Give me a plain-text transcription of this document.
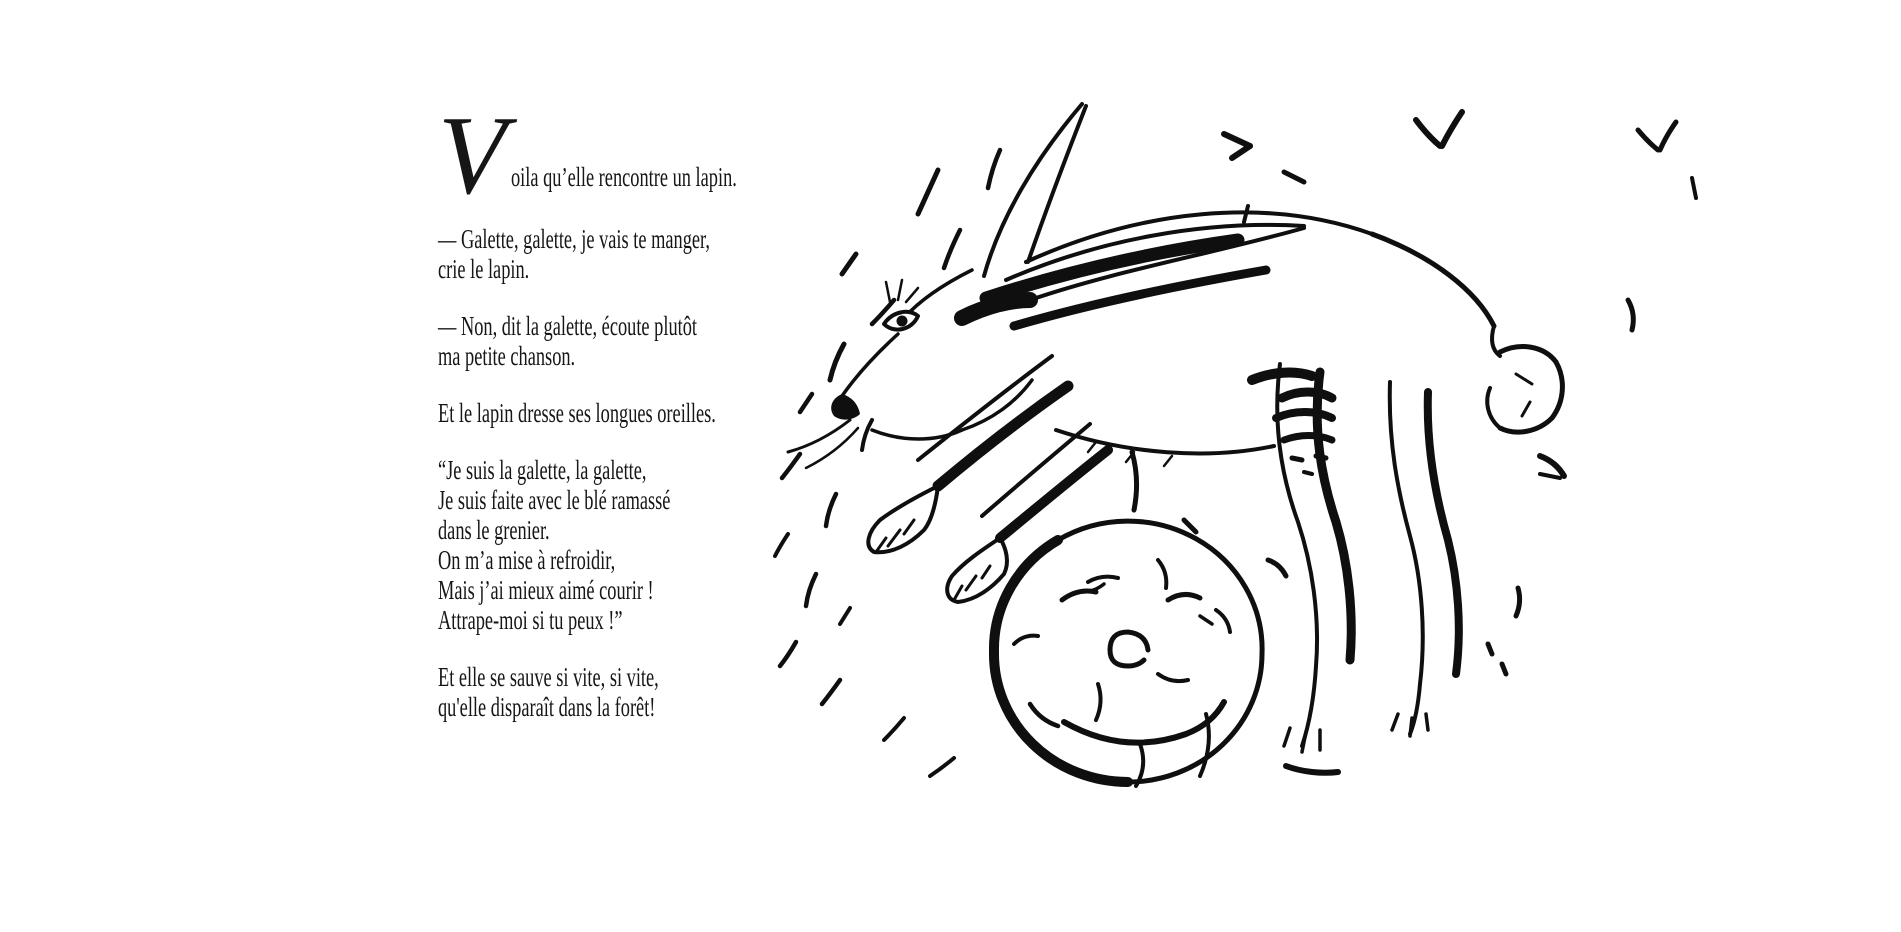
V oila qu’elle rencontre un lapin.

— Galette, galette, je vais te manger,
crie le lapin.

— Non, dit la galette, écoute plutôt
ma petite chanson.

Et le lapin dresse ses longues oreilles.

“Je suis la galette, la galette,
Je suis faite avec le blé ramassé
dans le grenier.
On m’a mise à refroidir,
Mais j’ai mieux aimé courir !
Attrape-moi si tu peux !”

Et elle se sauve si vite, si vite,
qu'elle disparaît dans la forêt!
